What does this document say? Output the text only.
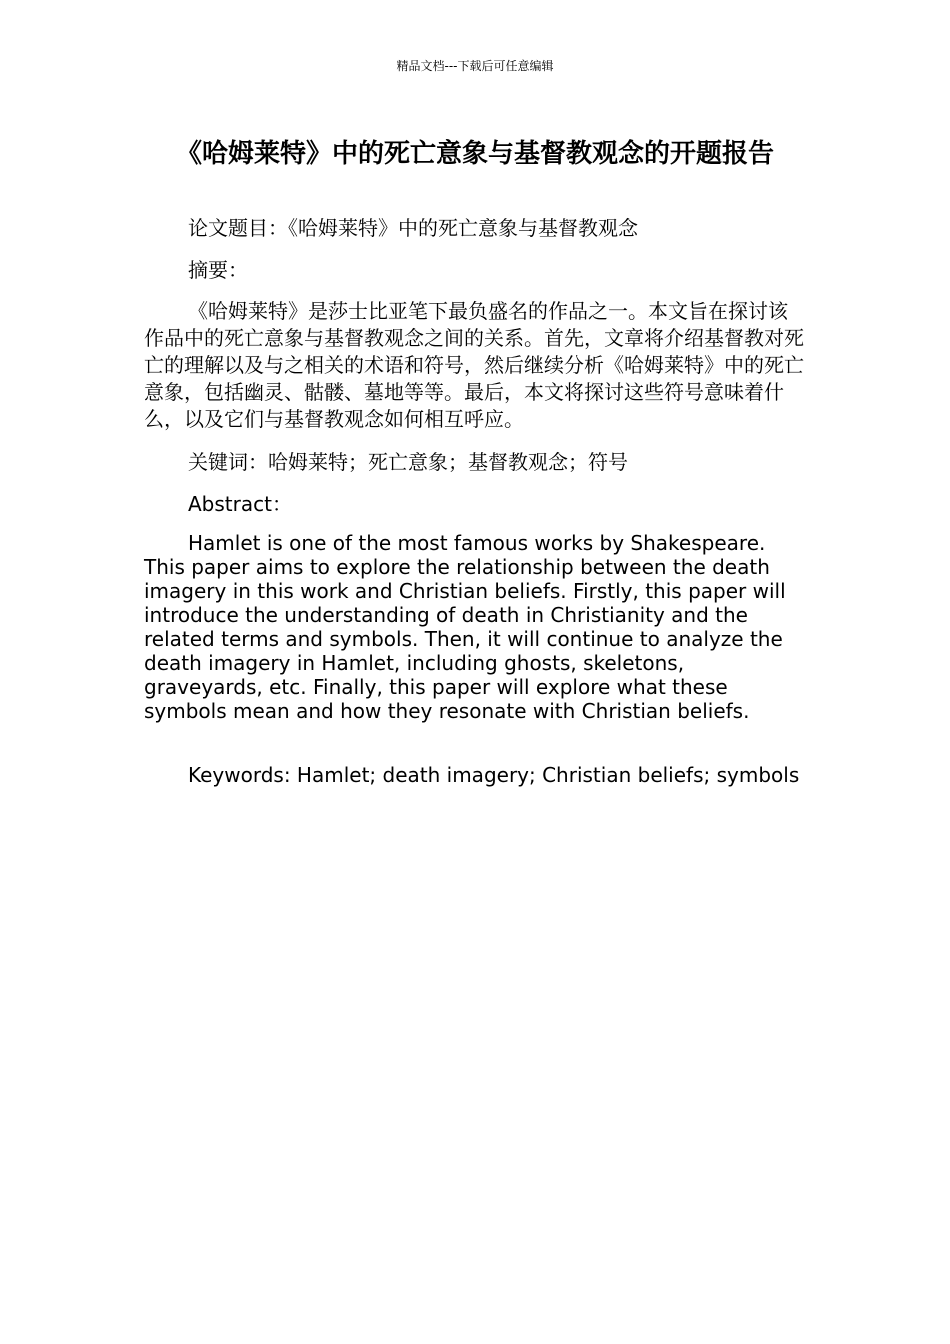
精品文档---下载后可任意编辑
《哈姆莱特》中的死亡意象与基督教观念的开题报告

论文题目：《哈姆莱特》中的死亡意象与基督教观念

摘要：

《哈姆莱特》是莎士比亚笔下最负盛名的作品之一。本文旨在探讨该作品中的死亡意象与基督教观念之间的关系。首先，文章将介绍基督教对死亡的理解以及与之相关的术语和符号，然后继续分析《哈姆莱特》中的死亡意象，包括幽灵、骷髅、墓地等等。最后，本文将探讨这些符号意味着什么，以及它们与基督教观念如何相互呼应。

关键词：哈姆莱特；死亡意象；基督教观念；符号

Abstract：

Hamlet is one of the most famous works by Shakespeare. This paper aims to explore the relationship between the death imagery in this work and Christian beliefs. Firstly, this paper will introduce the understanding of death in Christianity and the related terms and symbols. Then, it will continue to analyze the death imagery in Hamlet, including ghosts, skeletons, graveyards, etc. Finally, this paper will explore what these symbols mean and how they resonate with Christian beliefs.

Keywords: Hamlet; death imagery; Christian beliefs; symbols
